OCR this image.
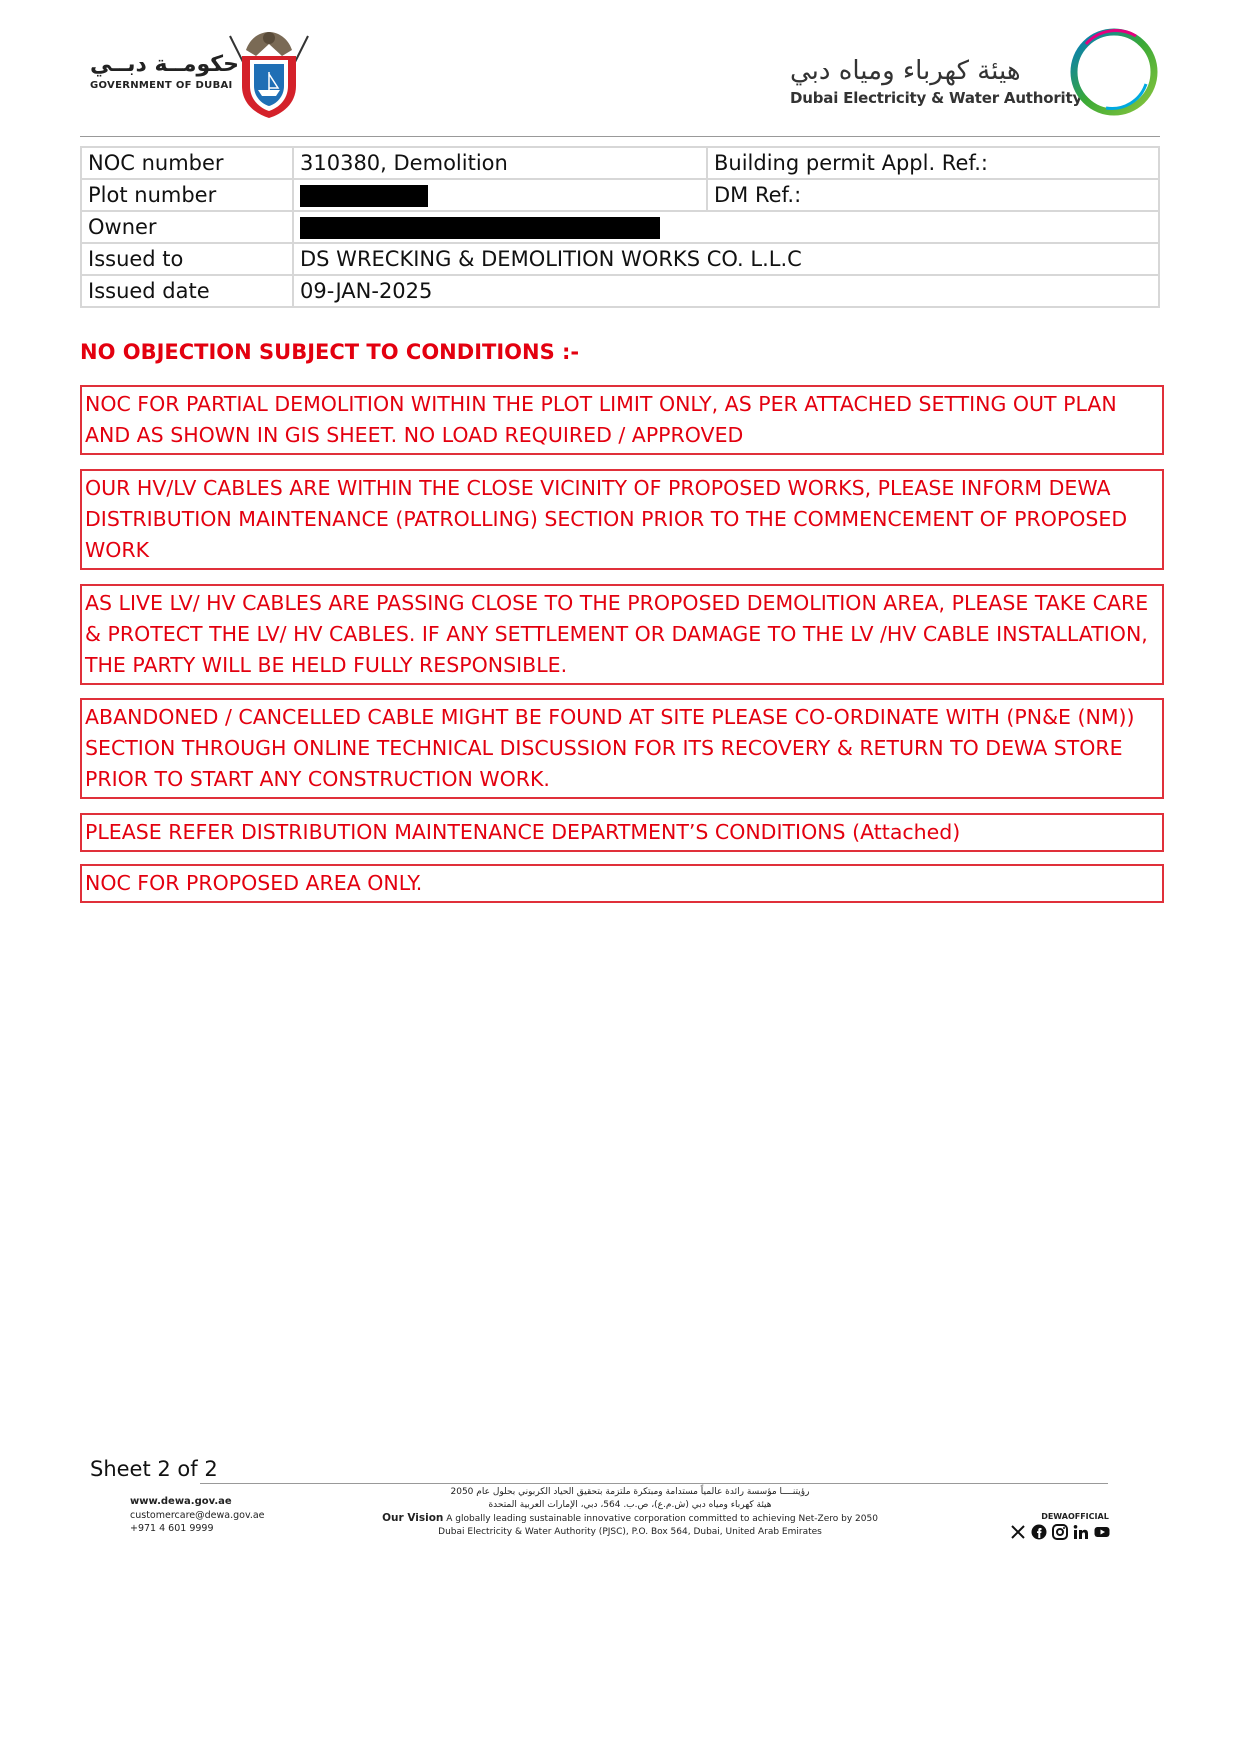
حكومــة دبــي
GOVERNMENT OF DUBAI	هيئة كهرباء ومياه دبي
Dubai Electricity & Water Authority
NOC number	310380, Demolition	Building permit Appl. Ref.:
Plot number		DM Ref.:
Owner		
Issued to	DS WRECKING & DEMOLITION WORKS CO. L.L.C	
Issued date	09-JAN-2025	
NO OBJECTION SUBJECT TO CONDITIONS :-
NOC FOR PARTIAL DEMOLITION WITHIN THE PLOT LIMIT ONLY, AS PER ATTACHED SETTING OUT PLAN AND AS SHOWN IN GIS SHEET. NO LOAD REQUIRED / APPROVED
OUR HV/LV CABLES ARE WITHIN THE CLOSE VICINITY OF PROPOSED WORKS, PLEASE INFORM DEWA DISTRIBUTION MAINTENANCE (PATROLLING) SECTION PRIOR TO THE COMMENCEMENT OF PROPOSED WORK
AS LIVE LV/ HV CABLES ARE PASSING CLOSE TO THE PROPOSED DEMOLITION AREA, PLEASE TAKE CARE & PROTECT THE LV/ HV CABLES. IF ANY SETTLEMENT OR DAMAGE TO THE LV /HV CABLE INSTALLATION, THE PARTY WILL BE HELD FULLY RESPONSIBLE.
ABANDONED / CANCELLED CABLE MIGHT BE FOUND AT SITE PLEASE CO-ORDINATE WITH (PN&E (NM)) SECTION THROUGH ONLINE TECHNICAL DISCUSSION FOR ITS RECOVERY & RETURN TO DEWA STORE PRIOR TO START ANY CONSTRUCTION WORK.
PLEASE REFER DISTRIBUTION MAINTENANCE DEPARTMENT’S CONDITIONS (Attached)
NOC FOR PROPOSED AREA ONLY.
Sheet 2 of 2
www.dewa.gov.ae
customercare@dewa.gov.ae
+971 4 601 9999
رؤيتنــــا مؤسسة رائدة عالمياً مستدامة ومبتكرة ملتزمة بتحقيق الحياد الكربوني بحلول عام 2050
هيئة كهرباء ومياه دبي (ش.م.ع)، ص.ب. 564، دبي، الإمارات العربية المتحدة
Our Vision A globally leading sustainable innovative corporation committed to achieving Net-Zero by 2050
Dubai Electricity & Water Authority (PJSC), P.O. Box 564, Dubai, United Arab Emirates
DEWAOFFICIAL
